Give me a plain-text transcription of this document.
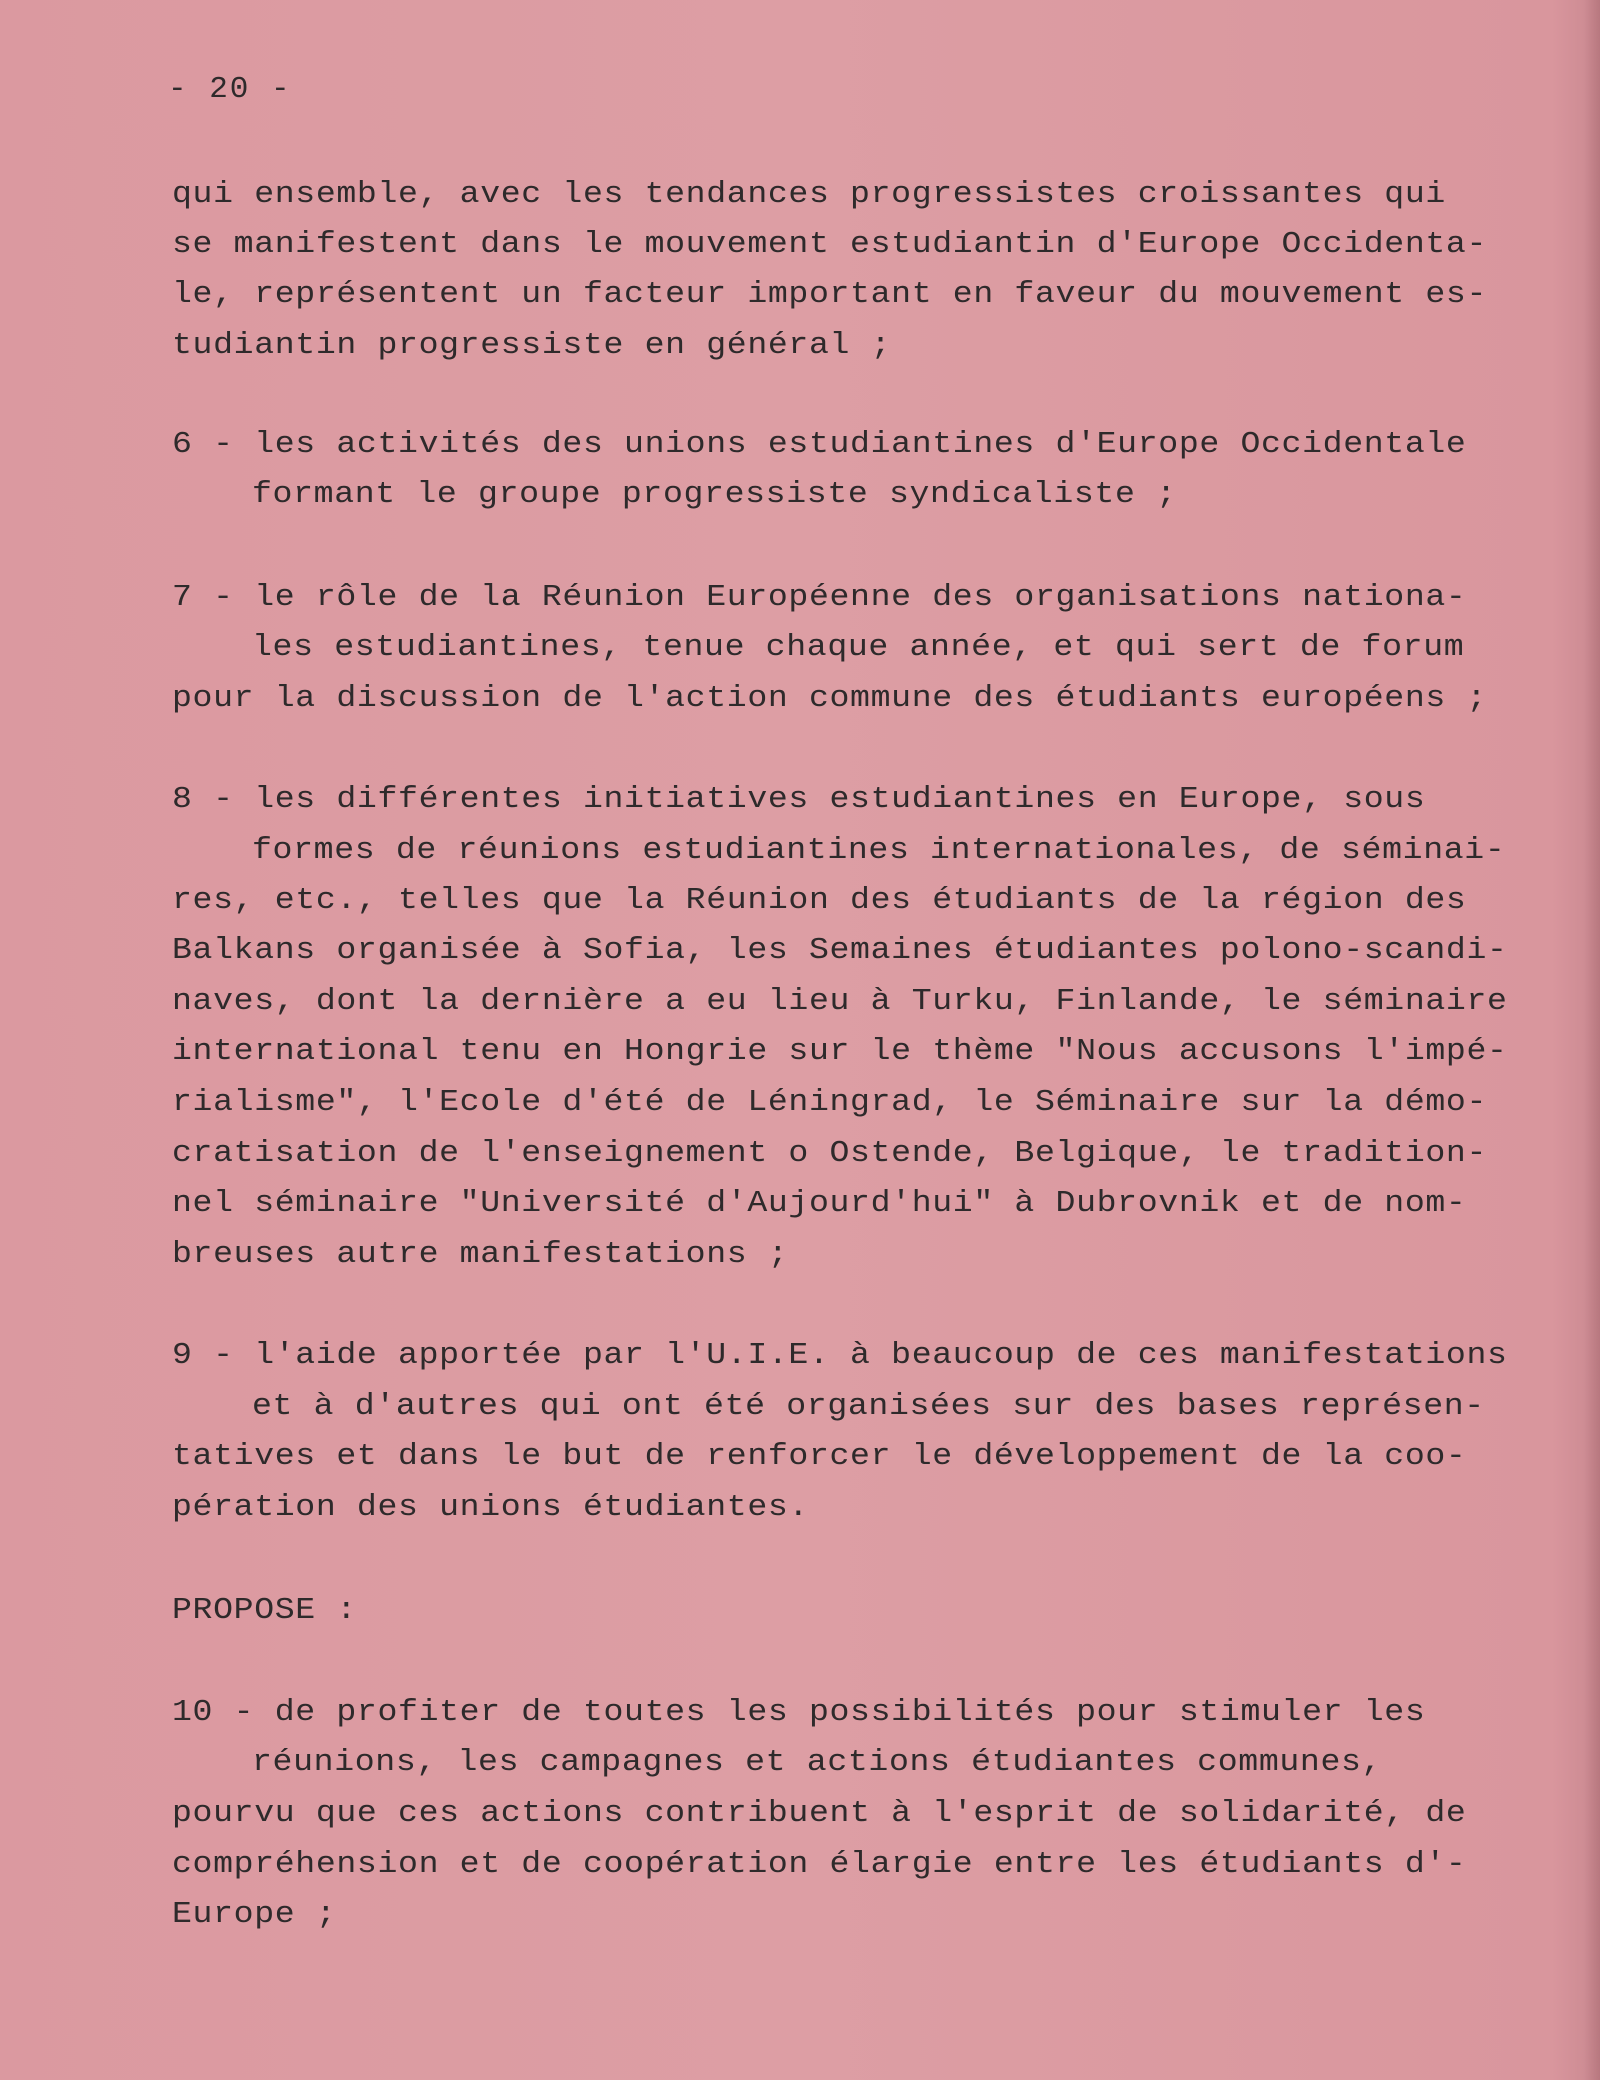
- 20 -
qui ensemble, avec les tendances progressistes croissantes qui
se manifestent dans le mouvement estudiantin d'Europe Occidenta-
le, représentent un facteur important en faveur du mouvement es-
tudiantin progressiste en général ;
6 - les activités des unions estudiantines d'Europe Occidentale
formant le groupe progressiste syndicaliste ;
7 - le rôle de la Réunion Européenne des organisations nationa-
les estudiantines, tenue chaque année, et qui sert de forum
pour la discussion de l'action commune des étudiants européens ;
8 - les différentes initiatives estudiantines en Europe, sous
formes de réunions estudiantines internationales, de séminai-
res, etc., telles que la Réunion des étudiants de la région des
Balkans organisée à Sofia, les Semaines étudiantes polono-scandi-
naves, dont la dernière a eu lieu à Turku, Finlande, le séminaire
international tenu en Hongrie sur le thème "Nous accusons l'impé-
rialisme", l'Ecole d'été de Léningrad, le Séminaire sur la démo-
cratisation de l'enseignement o Ostende, Belgique, le tradition-
nel séminaire "Université d'Aujourd'hui" à Dubrovnik et de nom-
breuses autre manifestations ;
9 - l'aide apportée par l'U.I.E. à beaucoup de ces manifestations
et à d'autres qui ont été organisées sur des bases représen-
tatives et dans le but de renforcer le développement de la coo-
pération des unions étudiantes.
PROPOSE :
10 - de profiter de toutes les possibilités pour stimuler les
réunions, les campagnes et actions étudiantes communes,
pourvu que ces actions contribuent à l'esprit de solidarité, de
compréhension et de coopération élargie entre les étudiants d'-
Europe ;
